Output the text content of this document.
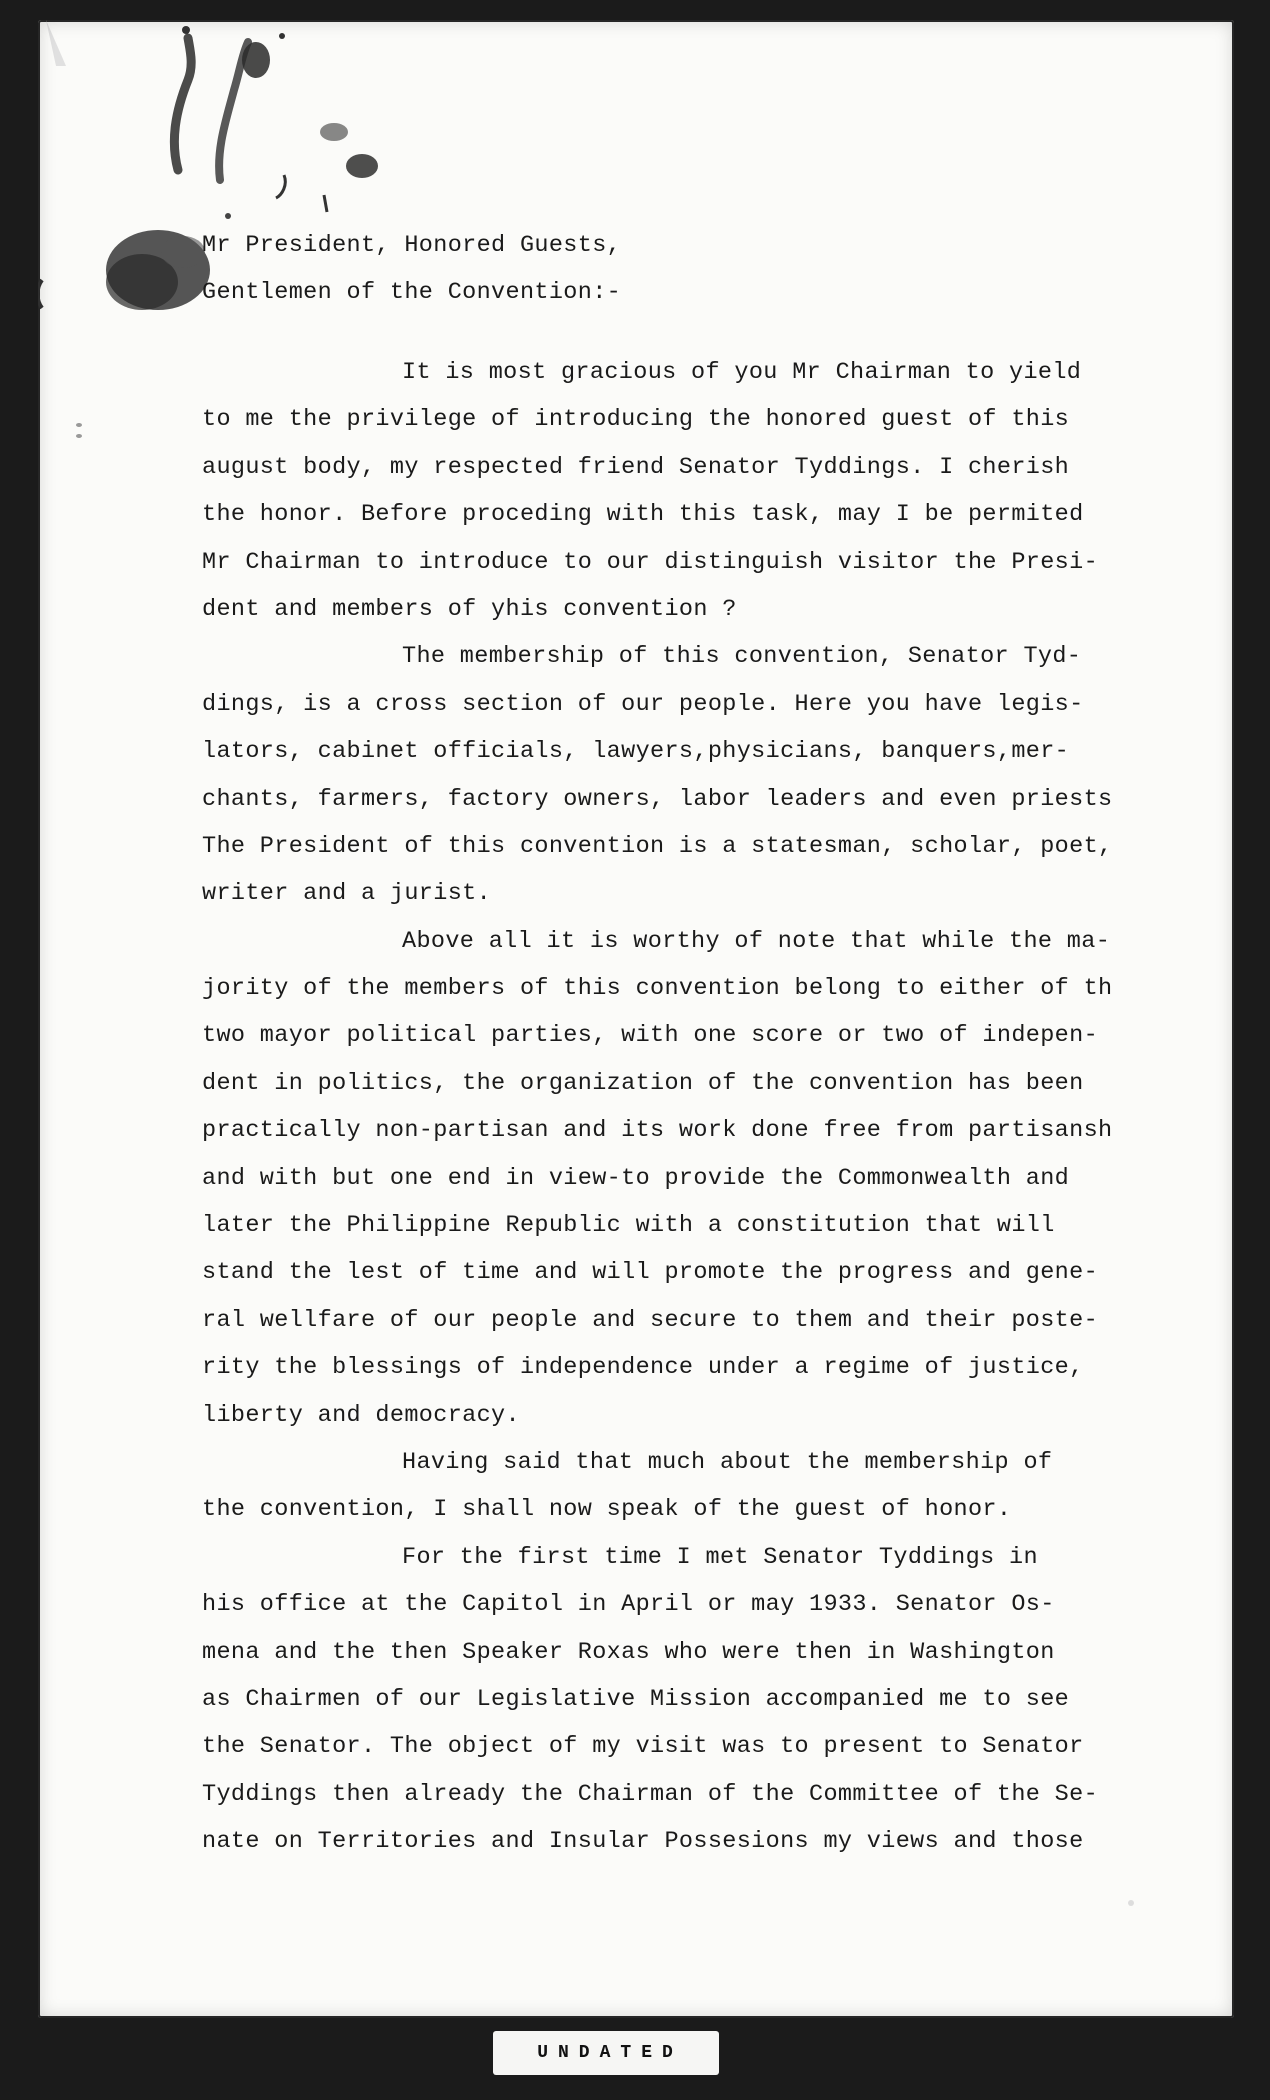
Mr President, Honored Guests,
Gentlemen of the Convention:-
It is most gracious of you Mr Chairman to yield
to me the privilege of introducing the honored guest of this
august body, my respected friend Senator Tyddings. I cherish
the honor. Before proceding with this task, may I be permited
Mr Chairman to introduce to our distinguish visitor the Presi-
dent and members of yhis convention ?
The membership of this convention, Senator Tyd-
dings, is a cross section of our people. Here you have legis-
lators, cabinet officials, lawyers,physicians, banquers,mer-
chants, farmers, factory owners, labor leaders and even priests
The President of this convention is a statesman, scholar, poet,
writer and a jurist.
Above all it is worthy of note that while the ma-
jority of the members of this convention belong to either of th
two mayor political parties, with one score or two of indepen-
dent in politics, the organization of the convention has been
practically non-partisan and its work done free from partisansh
and with but one end in view-to provide the Commonwealth and
later the Philippine Republic with a constitution that will
stand the lest of time and will promote the progress and gene-
ral wellfare of our people and secure to them and their poste-
rity the blessings of independence under a regime of justice,
liberty and democracy.
Having said that much about the membership of
the convention, I shall now speak of the guest of honor.
For the first time I met Senator Tyddings in
his office at the Capitol in April or may 1933. Senator Os-
mena and the then Speaker Roxas who were then in Washington
as Chairmen of our Legislative Mission accompanied me to see
the Senator. The object of my visit was to present to Senator
Tyddings then already the Chairman of the Committee of the Se-
nate on Territories and Insular Possesions my views and those
UNDATED
